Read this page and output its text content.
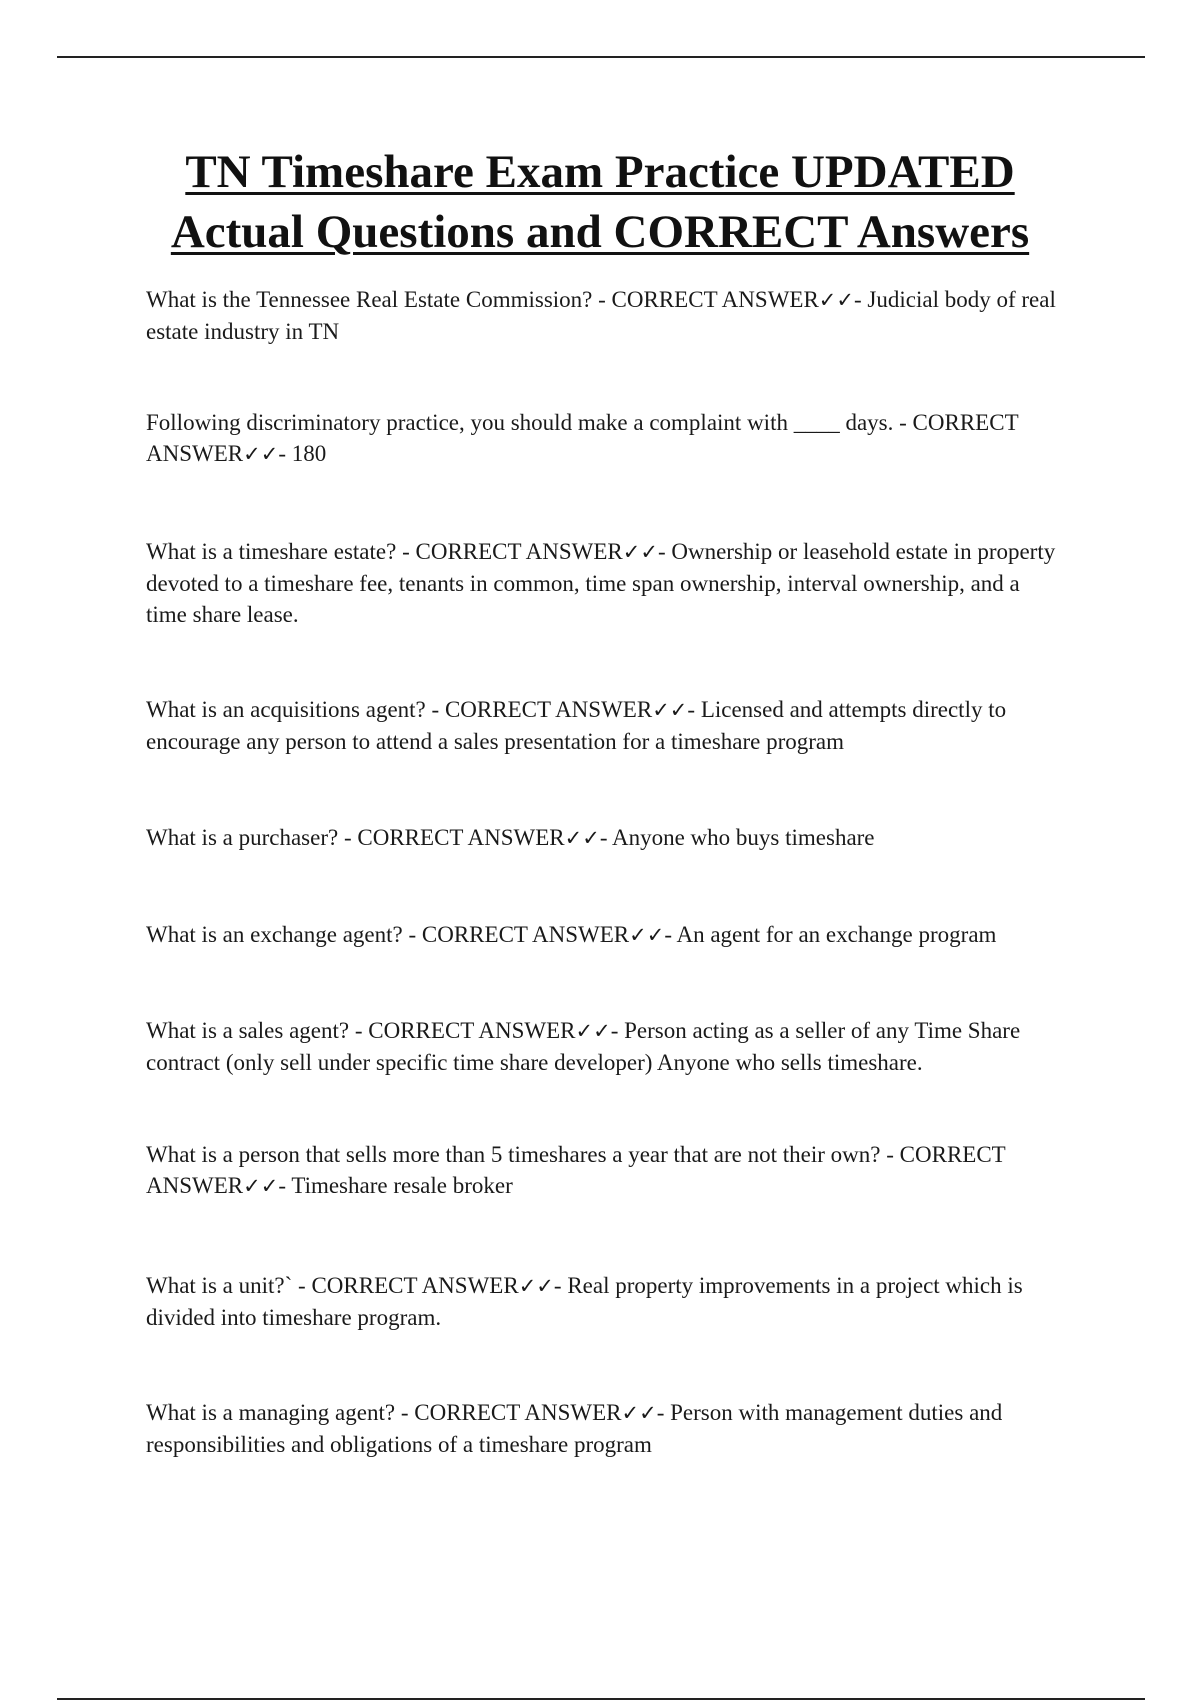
TN Timeshare Exam Practice UPDATED
Actual Questions and CORRECT Answers
What is the Tennessee Real Estate Commission? - CORRECT ANSWER✓✓- Judicial body of real estate industry in TN
Following discriminatory practice, you should make a complaint with ____ days. - CORRECT ANSWER✓✓- 180
What is a timeshare estate? - CORRECT ANSWER✓✓- Ownership or leasehold estate in property devoted to a timeshare fee, tenants in common, time span ownership, interval ownership, and a time share lease.
What is an acquisitions agent? - CORRECT ANSWER✓✓- Licensed and attempts directly to encourage any person to attend a sales presentation for a timeshare program
What is a purchaser? - CORRECT ANSWER✓✓- Anyone who buys timeshare
What is an exchange agent? - CORRECT ANSWER✓✓- An agent for an exchange program
What is a sales agent? - CORRECT ANSWER✓✓- Person acting as a seller of any Time Share contract (only sell under specific time share developer) Anyone who sells timeshare.
What is a person that sells more than 5 timeshares a year that are not their own? - CORRECT ANSWER✓✓- Timeshare resale broker
What is a unit?` - CORRECT ANSWER✓✓- Real property improvements in a project which is divided into timeshare program.
What is a managing agent? - CORRECT ANSWER✓✓- Person with management duties and responsibilities and obligations of a timeshare program
